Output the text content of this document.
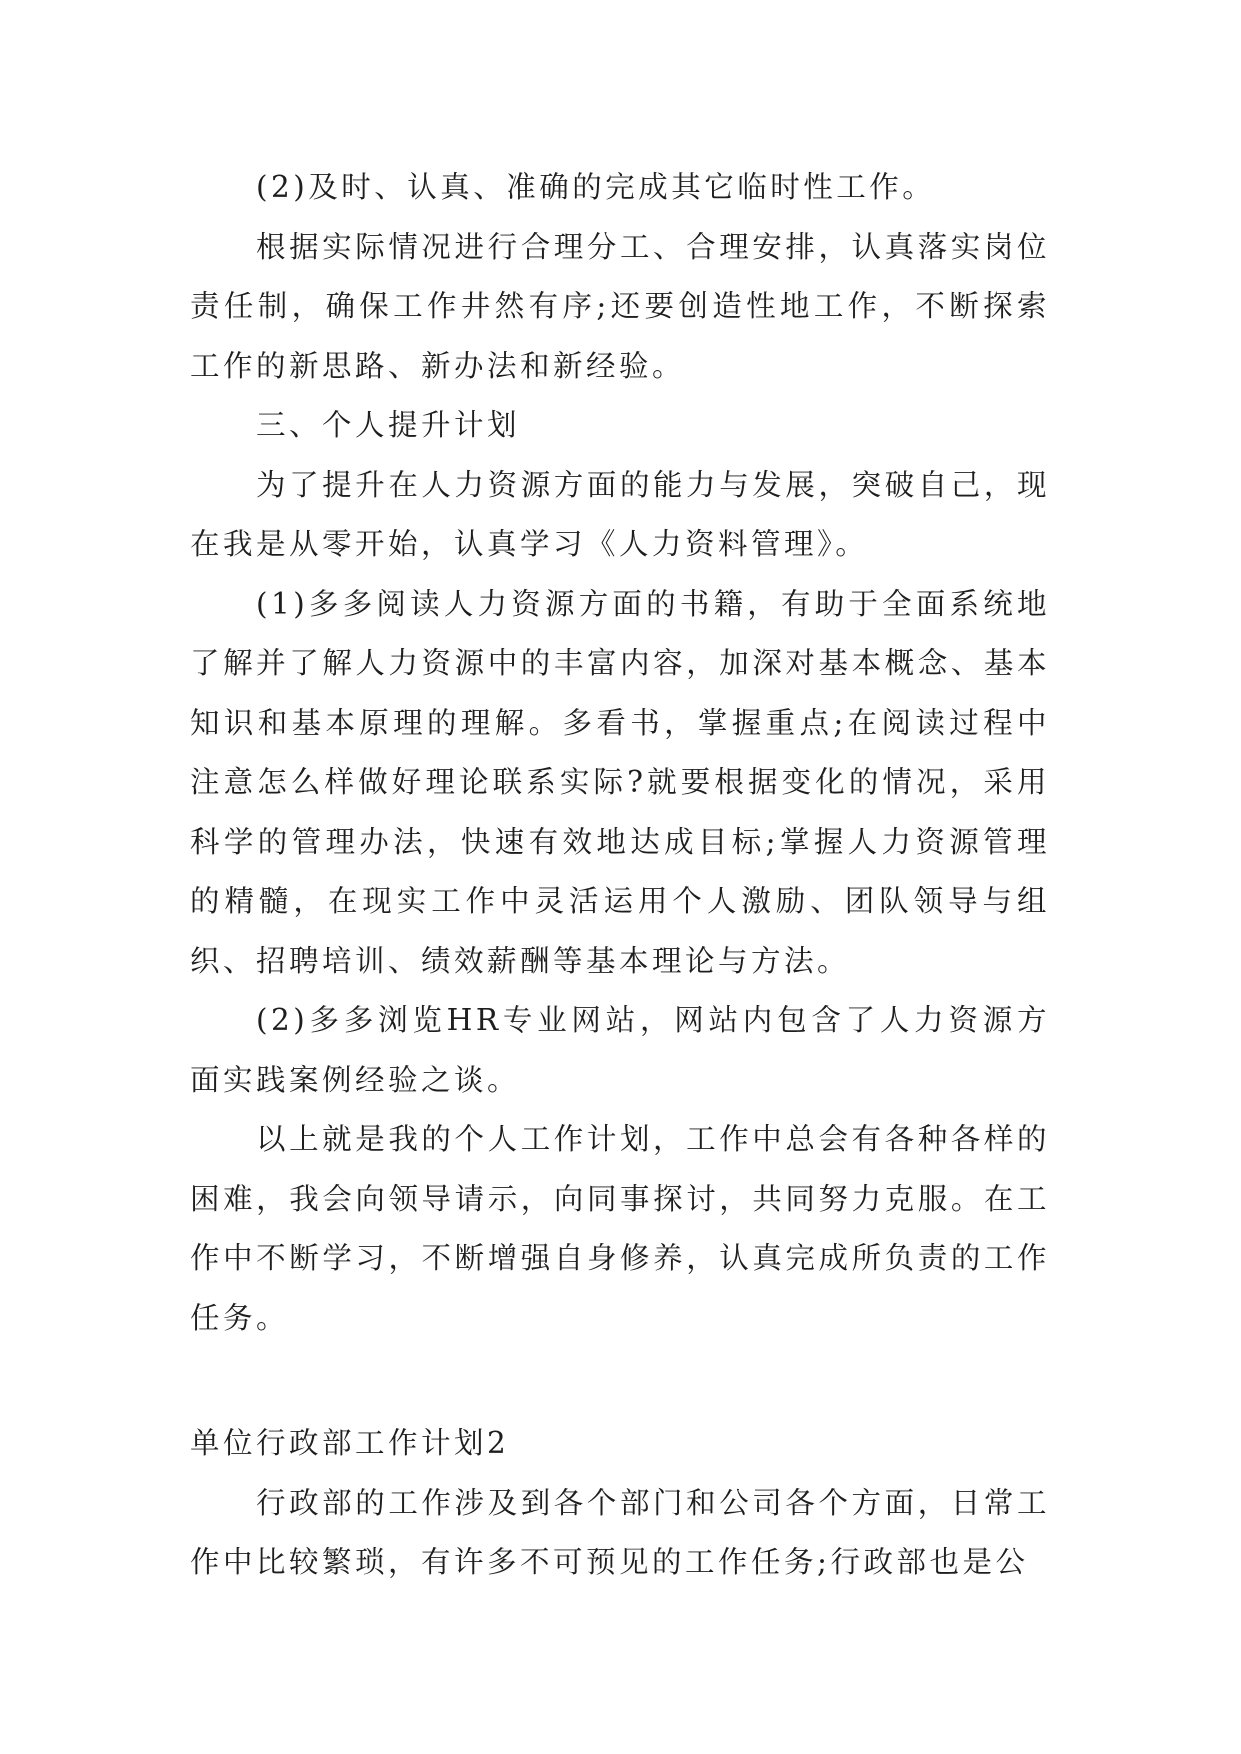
(2)及时、认真、准确的完成其它临时性工作。

根据实际情况进行合理分工、合理安排，认真落实岗位责任制，确保工作井然有序;还要创造性地工作，不断探索工作的新思路、新办法和新经验。

三、个人提升计划

为了提升在人力资源方面的能力与发展，突破自己，现在我是从零开始，认真学习《人力资料管理》。

(1)多多阅读人力资源方面的书籍，有助于全面系统地了解并了解人力资源中的丰富内容，加深对基本概念、基本知识和基本原理的理解。多看书，掌握重点;在阅读过程中注意怎么样做好理论联系实际?就要根据变化的情况，采用科学的管理办法，快速有效地达成目标;掌握人力资源管理的精髓，在现实工作中灵活运用个人激励、团队领导与组织、招聘培训、绩效薪酬等基本理论与方法。

(2)多多浏览HR专业网站，网站内包含了人力资源方面实践案例经验之谈。

以上就是我的个人工作计划，工作中总会有各种各样的困难，我会向领导请示，向同事探讨，共同努力克服。在工作中不断学习，不断增强自身修养，认真完成所负责的工作任务。

单位行政部工作计划2

行政部的工作涉及到各个部门和公司各个方面，日常工作中比较繁琐，有许多不可预见的工作任务;行政部也是公
